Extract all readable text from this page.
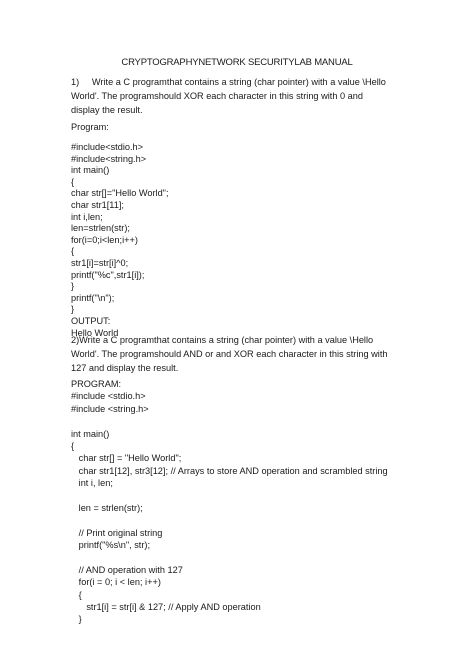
CRYPTOGRAPHYNETWORK SECURITYLAB MANUAL
1)     Write a C programthat contains a string (char pointer) with a value \Hello
World'. The programshould XOR each character in this string with 0 and
display the result.
Program:
#include<stdio.h>
#include<string.h>
int main()
{
char str[]="Hello World";
char str1[11];
int i,len;
len=strlen(str);
for(i=0;i<len;i++)
{
str1[i]=str[i]^0;
printf("%c",str1[i]);
}
printf("\n");
}
OUTPUT:
Hello World
2)Write a C programthat contains a string (char pointer) with a value \Hello
World'. The programshould AND or and XOR each character in this string with
127 and display the result.
PROGRAM:
#include <stdio.h>
#include <string.h>
int main()
{
char str[] = "Hello World";
char str1[12], str3[12]; // Arrays to store AND operation and scrambled string
int i, len;
len = strlen(str);
// Print original string
printf("%s\n", str);
// AND operation with 127
for(i = 0; i < len; i++)
{
str1[i] = str[i] & 127; // Apply AND operation
}
